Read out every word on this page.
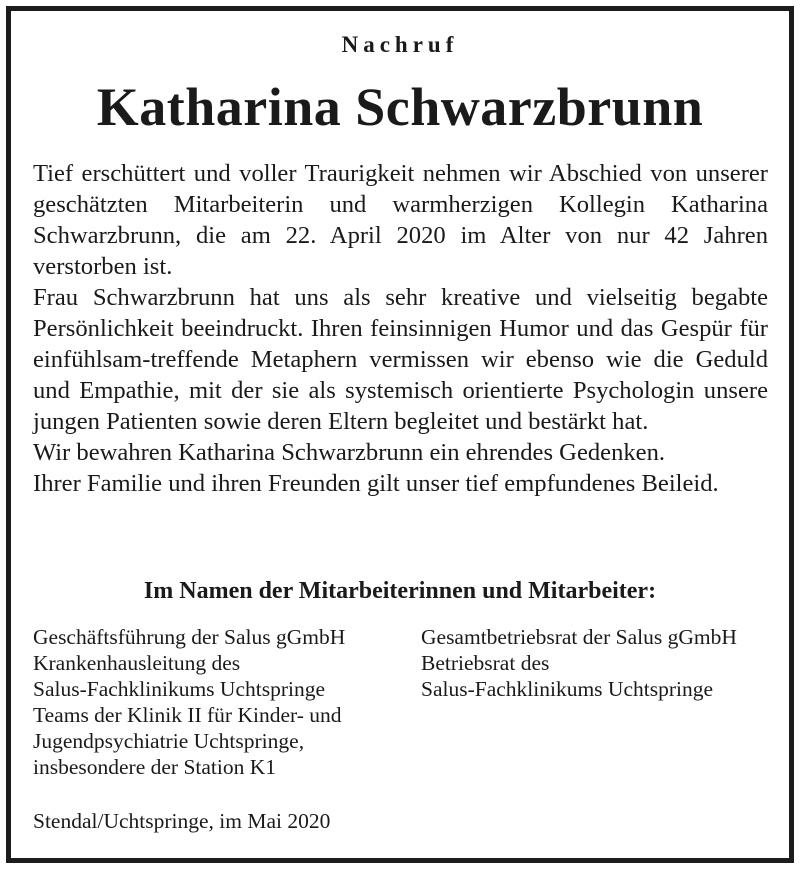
Nachruf
Katharina Schwarzbrunn

Tief erschüttert und voller Traurigkeit nehmen wir Abschied von unserer geschätzten Mitarbeiterin und warmherzigen Kollegin Katharina Schwarzbrunn, die am 22. April 2020 im Alter von nur 42 Jahren verstorben ist.

Frau Schwarzbrunn hat uns als sehr kreative und vielseitig begabte Persönlichkeit beeindruckt. Ihren feinsinnigen Humor und das Gespür für einfühlsam-treffende Metaphern vermissen wir ebenso wie die Geduld und Empathie, mit der sie als systemisch orientierte Psychologin unsere jungen Patienten sowie deren Eltern begleitet und bestärkt hat.

Wir bewahren Katharina Schwarzbrunn ein ehrendes Gedenken.

Ihrer Familie und ihren Freunden gilt unser tief empfundenes Beileid.

Im Namen der Mitarbeiterinnen und Mitarbeiter:
Geschäftsführung der Salus gGmbH
Krankenhausleitung des
Salus-Fachklinikums Uchtspringe
Teams der Klinik II für Kinder- und
Jugendpsychiatrie Uchtspringe,
insbesondere der Station K1
Gesamtbetriebsrat der Salus gGmbH
Betriebsrat des
Salus-Fachklinikums Uchtspringe
Stendal/Uchtspringe, im Mai 2020
